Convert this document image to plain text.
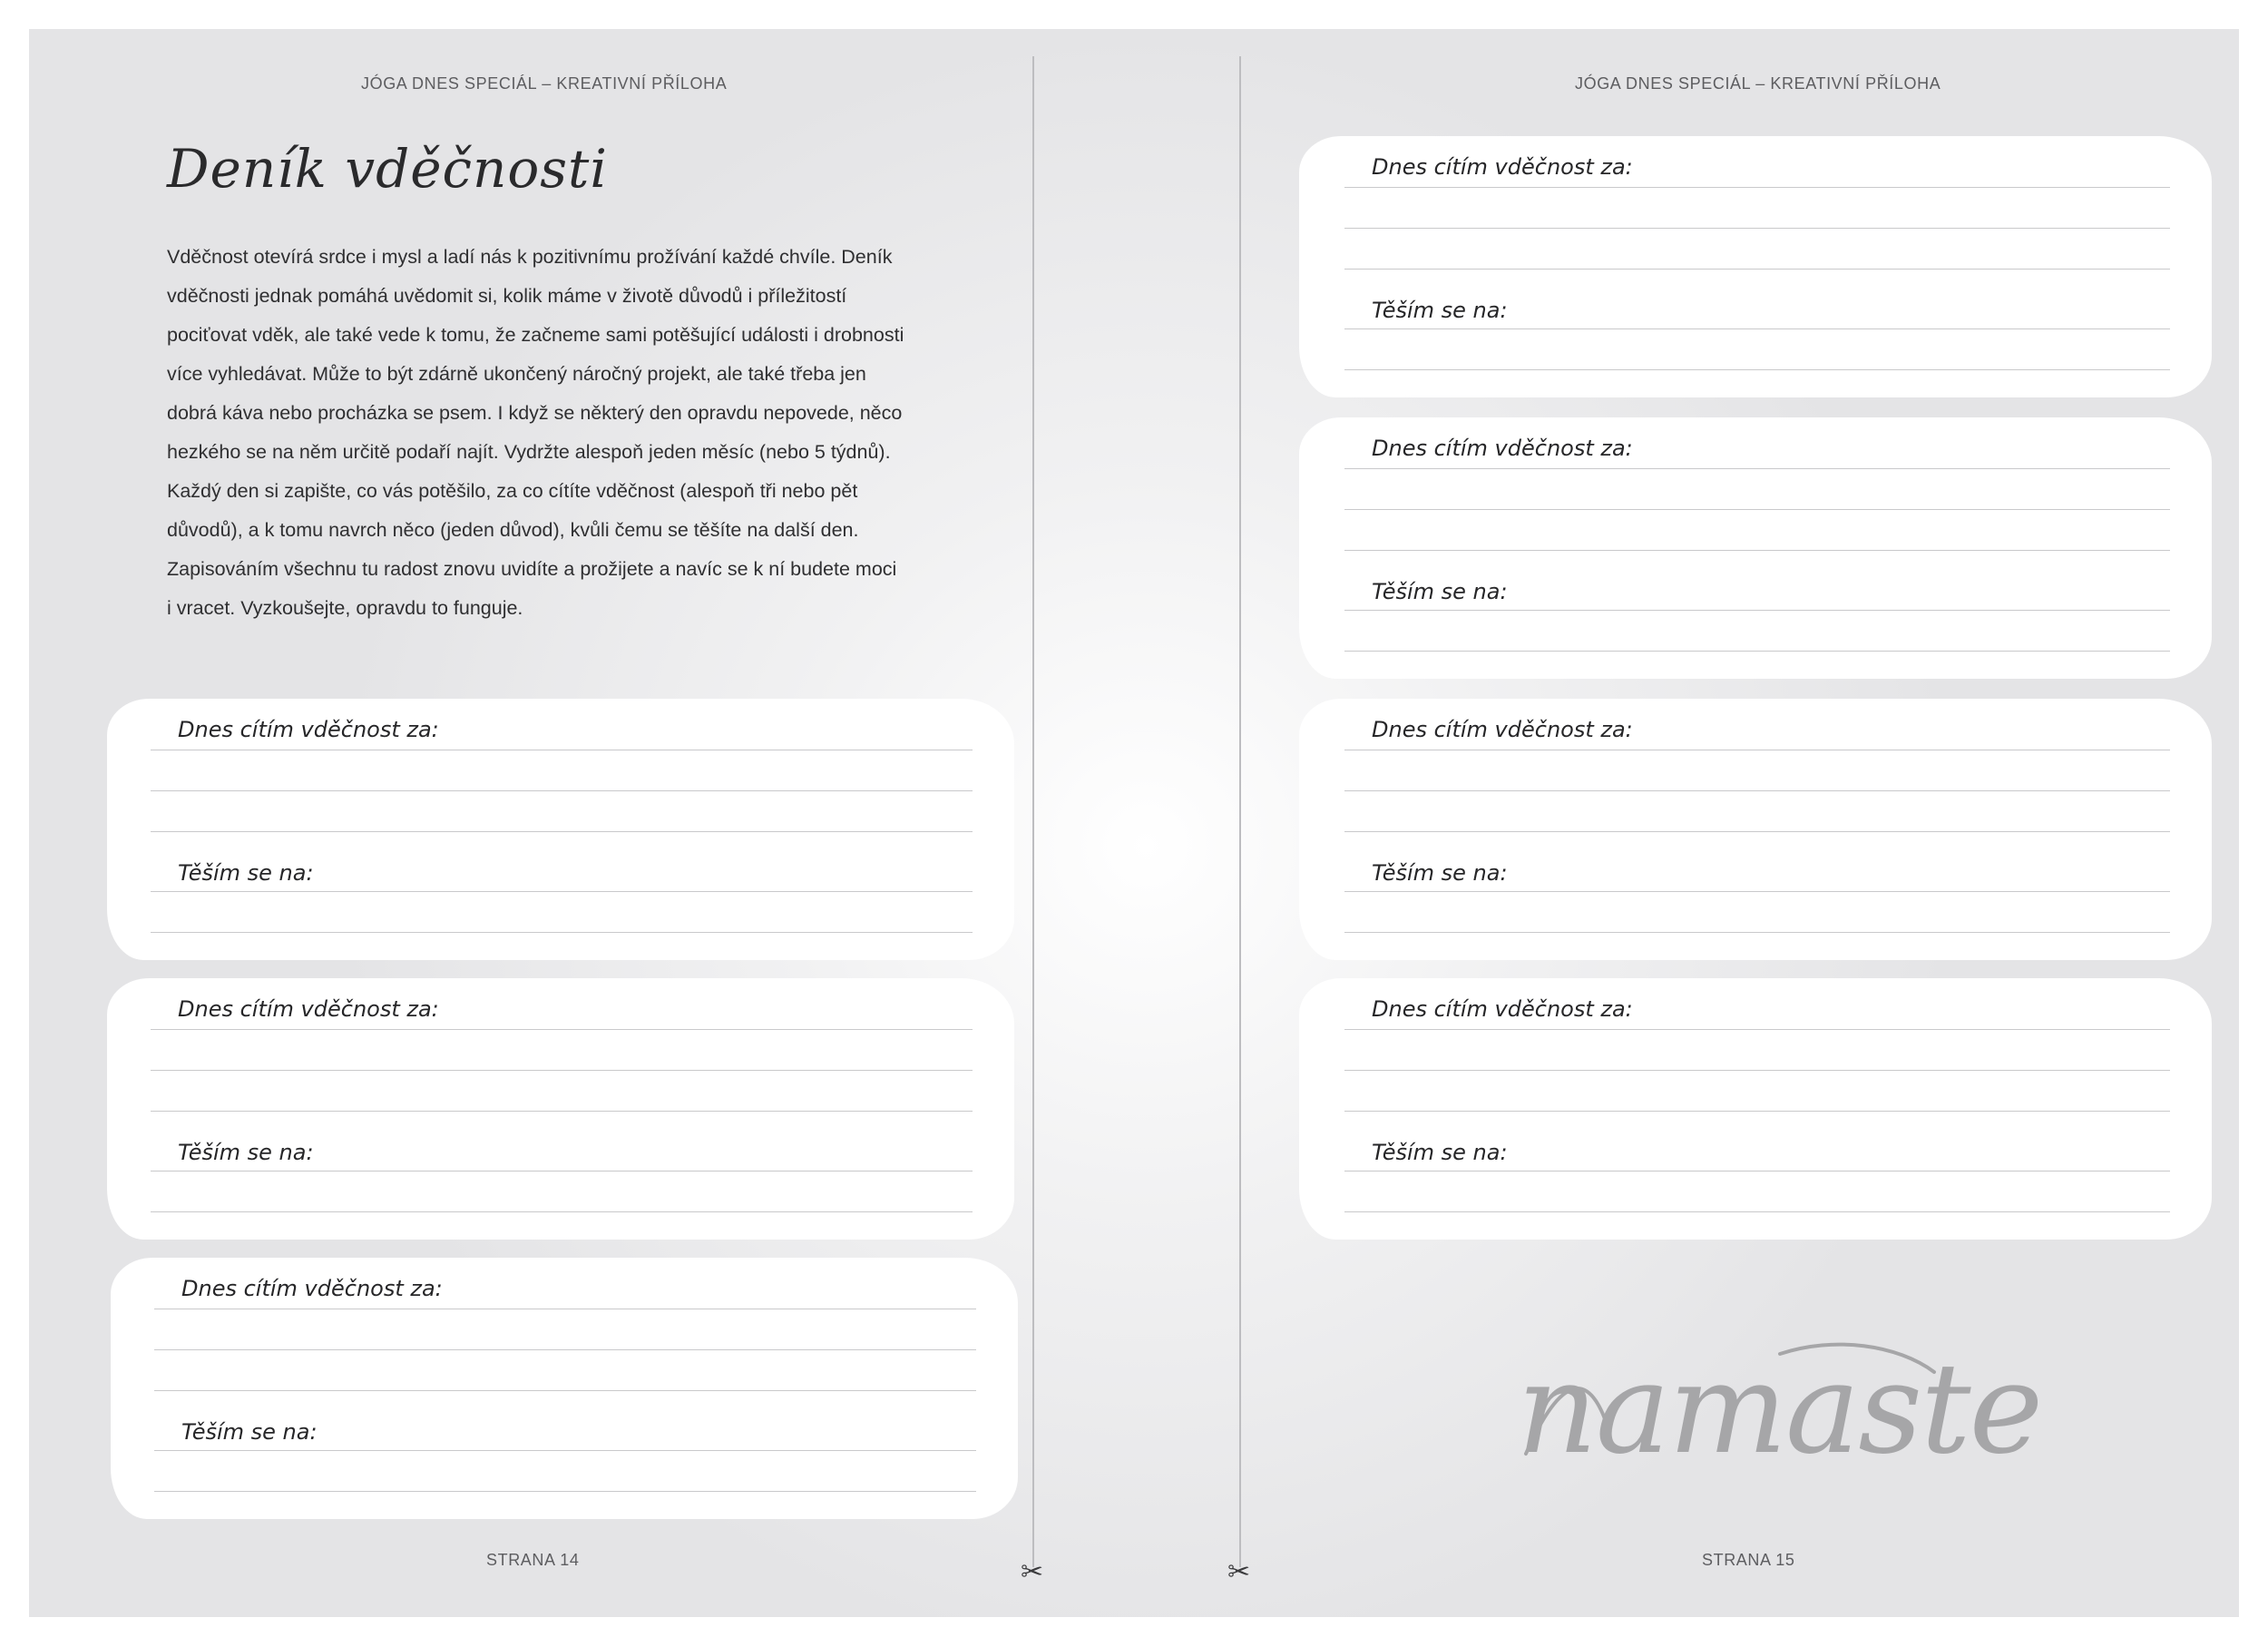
JÓGA DNES SPECIÁL – KREATIVNÍ PŘÍLOHA
Deník vděčnosti
Vděčnost otevírá srdce i mysl a ladí nás k pozitivnímu prožívání každé chvíle. Deník
vděčnosti jednak pomáhá uvědomit si, kolik máme v životě důvodů i příležitostí
pociťovat vděk, ale také vede k tomu, že začneme sami potěšující události i drobnosti
více vyhledávat. Může to být zdárně ukončený náročný projekt, ale také třeba jen
dobrá káva nebo procházka se psem. I když se některý den opravdu nepovede, něco
hezkého se na něm určitě podaří najít. Vydržte alespoň jeden měsíc (nebo 5 týdnů).
Každý den si zapište, co vás potěšilo, za co cítíte vděčnost (alespoň tři nebo pět
důvodů), a k tomu navrch něco (jeden důvod), kvůli čemu se těšíte na další den.
Zapisováním všechnu tu radost znovu uvidíte a prožijete a navíc se k ní budete moci
i vracet. Vyzkoušejte, opravdu to funguje.
Dnes cítím vděčnost za:
Těším se na:
Dnes cítím vděčnost za:
Těším se na:
Dnes cítím vděčnost za:
Těším se na:
STRANA 14	✂	✂
JÓGA DNES SPECIÁL – KREATIVNÍ PŘÍLOHA
Dnes cítím vděčnost za:
Těším se na:
Dnes cítím vděčnost za:
Těším se na:
Dnes cítím vděčnost za:
Těším se na:
Dnes cítím vděčnost za:
Těším se na:
STRANA 15
namaste
